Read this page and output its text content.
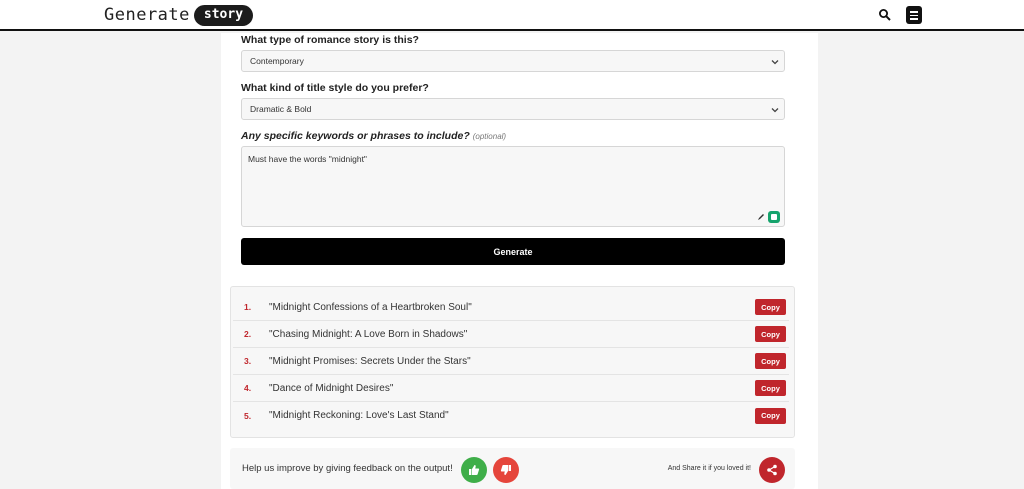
Generate	story
What type of romance story is this?
Contemporary
What kind of title style do you prefer?
Dramatic & Bold
Any specific keywords or phrases to include? (optional)
Must have the words "midnight"
Generate
1. "Midnight Confessions of a Heartbroken Soul"	Copy
2. "Chasing Midnight: A Love Born in Shadows"	Copy
3. "Midnight Promises: Secrets Under the Stars"	Copy
4. "Dance of Midnight Desires"	Copy
5. "Midnight Reckoning: Love's Last Stand"	Copy
Help us improve by giving feedback on the output!	And Share it if you loved it!
